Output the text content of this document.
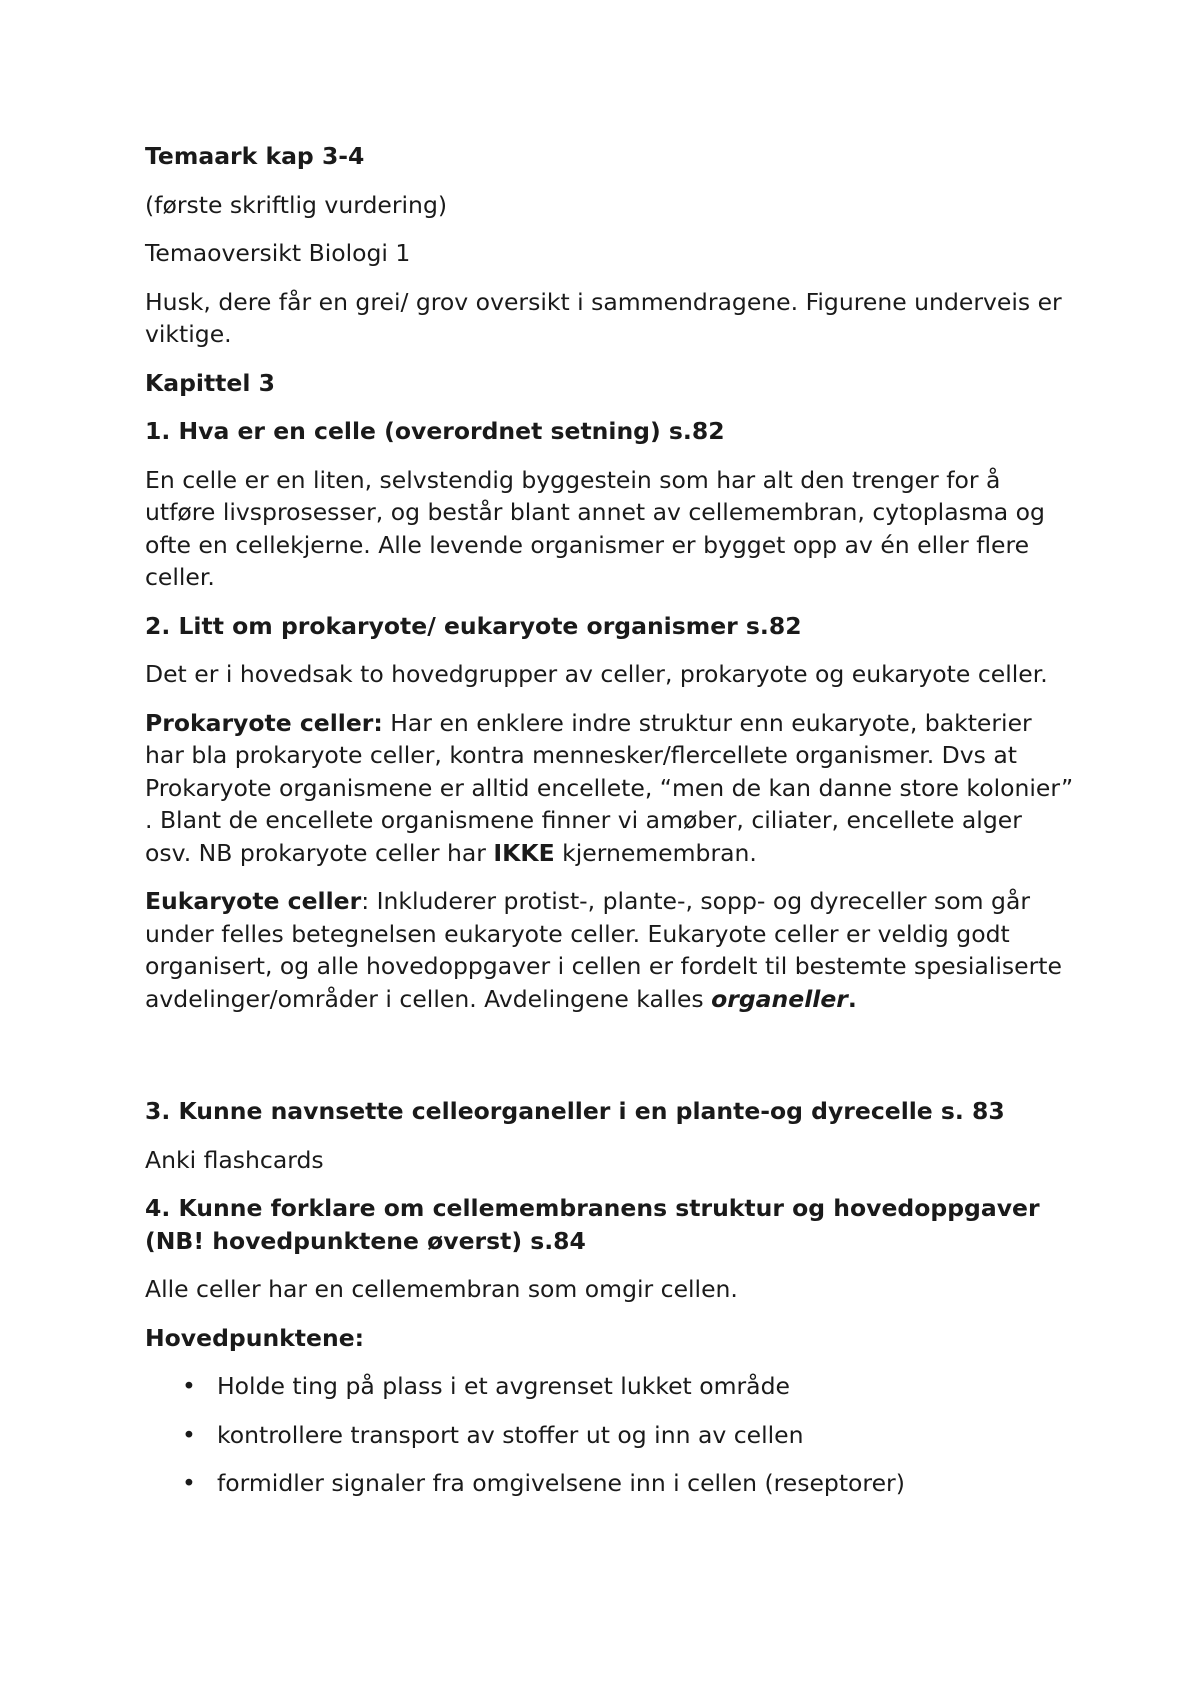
Temaark kap 3-4

(første skriftlig vurdering)

Temaoversikt Biologi 1

Husk, dere får en grei/ grov oversikt i sammendragene. Figurene underveis er viktige.

Kapittel 3

1. Hva er en celle (overordnet setning) s.82

En celle er en liten, selvstendig byggestein som har alt den trenger for å utføre livsprosesser, og består blant annet av cellemembran, cytoplasma og ofte en cellekjerne. Alle levende organismer er bygget opp av én eller flere celler.

2. Litt om prokaryote/ eukaryote organismer s.82

Det er i hovedsak to hovedgrupper av celler, prokaryote og eukaryote celler.

Prokaryote celler: Har en enklere indre struktur enn eukaryote, bakterier har bla prokaryote celler, kontra mennesker/flercellete organismer. Dvs at Prokaryote organismene er alltid encellete, “men de kan danne store kolonier” . Blant de encellete organismene finner vi amøber, ciliater, encellete alger osv. NB prokaryote celler har IKKE kjernemembran.

Eukaryote celler: Inkluderer protist-, plante-, sopp- og dyreceller som går under felles betegnelsen eukaryote celler. Eukaryote celler er veldig godt organisert, og alle hovedoppgaver i cellen er fordelt til bestemte spesialiserte avdelinger/områder i cellen. Avdelingene kalles organeller.

3. Kunne navnsette celleorganeller i en plante-og dyrecelle s. 83

Anki flashcards

4. Kunne forklare om cellemembranens struktur og hovedoppgaver (NB! hovedpunktene øverst) s.84

Alle celler har en cellemembran som omgir cellen.

Hovedpunktene:

• Holde ting på plass i et avgrenset lukket område
• kontrollere transport av stoffer ut og inn av cellen
• formidler signaler fra omgivelsene inn i cellen (reseptorer)
